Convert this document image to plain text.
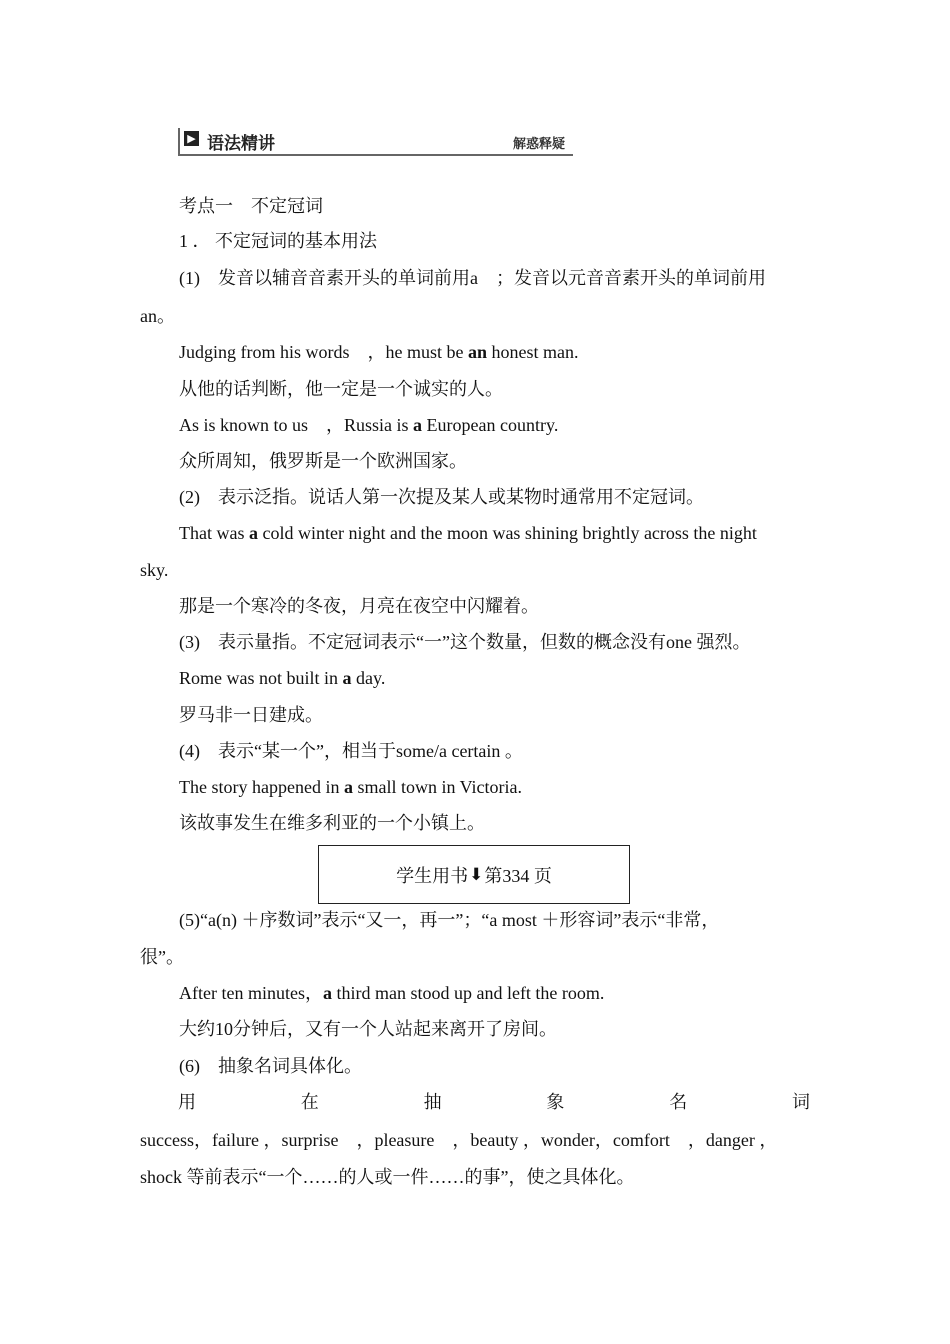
▶ 语法精讲	解惑释疑
考点一　不定冠词
1 ． 不定冠词的基本用法
(1)　发音以辅音音素开头的单词前用a　；发音以元音音素开头的单词前用
an。
Judging from his words　，he must be an honest man.
从他的话判断，他一定是一个诚实的人。
As is known to us　，Russia is a European country.
众所周知，俄罗斯是一个欧洲国家。
(2)　表示泛指。说话人第一次提及某人或某物时通常用不定冠词。
That was a cold winter night and the moon was shining brightly across the night
sky.
那是一个寒冷的冬夜，月亮在夜空中闪耀着。
(3)　表示量指。不定冠词表示“一”这个数量，但数的概念没有one 强烈。
Rome was not built in a day.
罗马非一日建成。
(4)　表示“某一个”，相当于some/a certain 。
The story happened in a small town in Victoria.
该故事发生在维多利亚的一个小镇上。
学生用书 ⬇ 第334 页
(5)“a(n) ＋序数词”表示“又一，再一”；“a most ＋形容词”表示“非常，
很”。
After ten minutes，a third man stood up and left the room.
大约10分钟后，又有一个人站起来离开了房间。
(6)　抽象名词具体化。
用	在	抽	象	名	词
success，failure ，surprise　，pleasure　，beauty ，wonder，comfort　，danger ，
shock 等前表示“一个……的人或一件……的事”，使之具体化。
